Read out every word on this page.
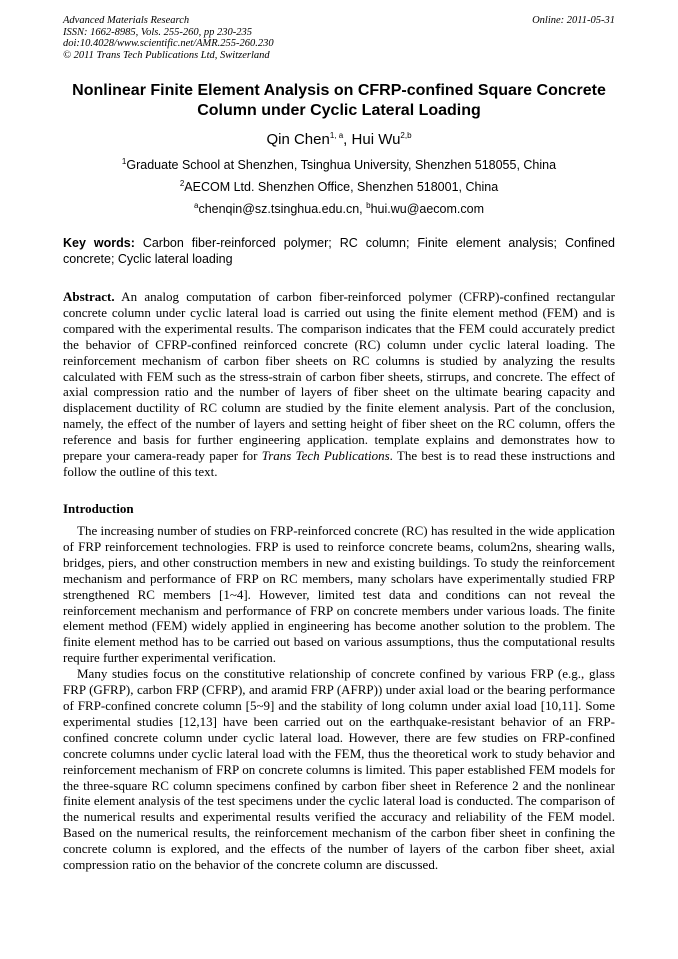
Advanced Materials Research
ISSN: 1662-8985, Vols. 255-260, pp 230-235
doi:10.4028/www.scientific.net/AMR.255-260.230
© 2011 Trans Tech Publications Ltd, Switzerland
Online: 2011-05-31
Nonlinear Finite Element Analysis on CFRP-confined Square Concrete Column under Cyclic Lateral Loading
Qin Chen$^{1, a}$, Hui Wu$^{2,b}$
$^1$Graduate School at Shenzhen, Tsinghua University, Shenzhen 518055, China
$^2$AECOM Ltd. Shenzhen Office, Shenzhen 518001, China
$^a$chenqin@sz.tsinghua.edu.cn, $^b$hui.wu@aecom.com
Key words: Carbon fiber-reinforced polymer; RC column; Finite element analysis; Confined concrete; Cyclic lateral loading

Abstract. An analog computation of carbon fiber-reinforced polymer (CFRP)-confined rectangular concrete column under cyclic lateral load is carried out using the finite element method (FEM) and is compared with the experimental results. The comparison indicates that the FEM could accurately predict the behavior of CFRP-confined reinforced concrete (RC) column under cyclic lateral loading. The reinforcement mechanism of carbon fiber sheets on RC columns is studied by analyzing the results calculated with FEM such as the stress-strain of carbon fiber sheets, stirrups, and concrete. The effect of axial compression ratio and the number of layers of fiber sheet on the ultimate bearing capacity and displacement ductility of RC column are studied by the finite element analysis. Part of the conclusion, namely, the effect of the number of layers and setting height of fiber sheet on the RC column, offers the reference and basis for further engineering application. template explains and demonstrates how to prepare your camera-ready paper for Trans Tech Publications. The best is to read these instructions and follow the outline of this text.

Introduction

The increasing number of studies on FRP-reinforced concrete (RC) has resulted in the wide application of FRP reinforcement technologies. FRP is used to reinforce concrete beams, colum2ns, shearing walls, bridges, piers, and other construction members in new and existing buildings. To study the reinforcement mechanism and performance of FRP on RC members, many scholars have experimentally studied FRP strengthened RC members [1~4]. However, limited test data and conditions can not reveal the reinforcement mechanism and performance of FRP on concrete members under various loads. The finite element method (FEM) widely applied in engineering has become another solution to the problem. The finite element method has to be carried out based on various assumptions, thus the computational results require further experimental verification.

Many studies focus on the constitutive relationship of concrete confined by various FRP (e.g., glass FRP (GFRP), carbon FRP (CFRP), and aramid FRP (AFRP)) under axial load or the bearing performance of FRP-confined concrete column [5~9] and the stability of long column under axial load [10,11]. Some experimental studies [12,13] have been carried out on the earthquake-resistant behavior of an FRP-confined concrete column under cyclic lateral load. However, there are few studies on FRP-confined concrete columns under cyclic lateral load with the FEM, thus the theoretical work to study behavior and reinforcement mechanism of FRP on concrete columns is limited. This paper established FEM models for the three-square RC column specimens confined by carbon fiber sheet in Reference 2 and the nonlinear finite element analysis of the test specimens under the cyclic lateral load is conducted. The comparison of the numerical results and experimental results verified the accuracy and reliability of the FEM model. Based on the numerical results, the reinforcement mechanism of the carbon fiber sheet in confining the concrete column is explored, and the effects of the number of layers of the carbon fiber sheet, axial compression ratio on the behavior of the concrete column are discussed.
